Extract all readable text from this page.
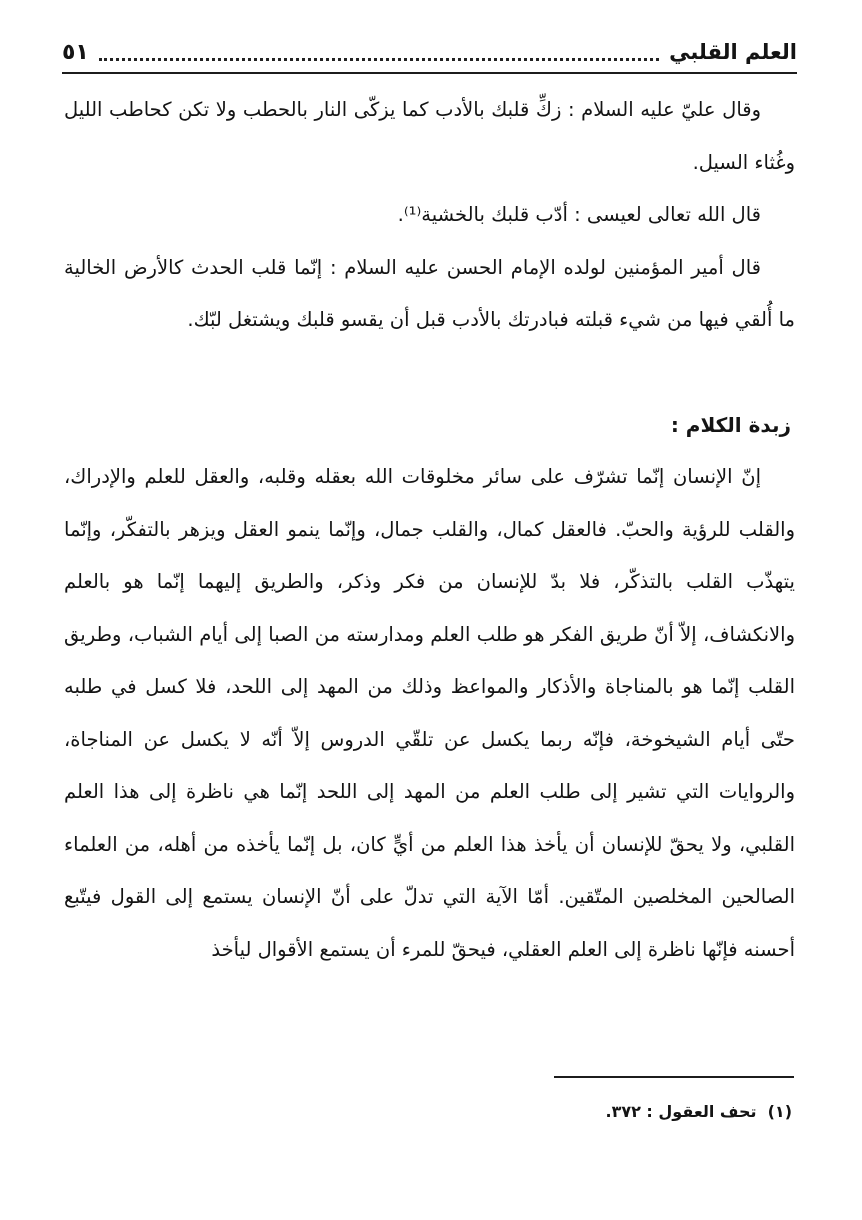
العلم القلبي
٥١

وقال عليّ عليه السلام : زكِّ قلبك بالأدب كما يزكّى النار بالحطب ولا تكن كحاطب الليل وغُثاء السيل.

قال الله تعالى لعيسى : أدّب قلبك بالخشية⁽¹⁾.

قال أمير المؤمنين لولده الإمام الحسن عليه السلام : إنّما قلب الحدث كالأرض الخالية ما أُلقي فيها من شيء قبلته فبادرتك بالأدب قبل أن يقسو قلبك ويشتغل لبّك.

زبدة الكلام :

إنّ الإنسان إنّما تشرّف على سائر مخلوقات الله بعقله وقلبه، والعقل للعلم والإدراك، والقلب للرؤية والحبّ. فالعقل كمال، والقلب جمال، وإنّما ينمو العقل ويزهر بالتفكّر، وإنّما يتهذّب القلب بالتذكّر، فلا بدّ للإنسان من فكر وذكر، والطريق إليهما إنّما هو بالعلم والانكشاف، إلاّ أنّ طريق الفكر هو طلب العلم ومدارسته من الصبا إلى أيام الشباب، وطريق القلب إنّما هو بالمناجاة والأذكار والمواعظ وذلك من المهد إلى اللحد، فلا كسل في طلبه حتّى أيام الشيخوخة، فإنّه ربما يكسل عن تلقّي الدروس إلاّ أنّه لا يكسل عن المناجاة، والروايات التي تشير إلى طلب العلم من المهد إلى اللحد إنّما هي ناظرة إلى هذا العلم القلبي، ولا يحقّ للإنسان أن يأخذ هذا العلم من أيٍّ كان، بل إنّما يأخذه من أهله، من العلماء الصالحين المخلصين المتّقين. أمّا الآية التي تدلّ على أنّ الإنسان يستمع إلى القول فيتّبع أحسنه فإنّها ناظرة إلى العلم العقلي، فيحقّ للمرء أن يستمع الأقوال ليأخذ

(١) تحف العقول : ٣٧٢.
